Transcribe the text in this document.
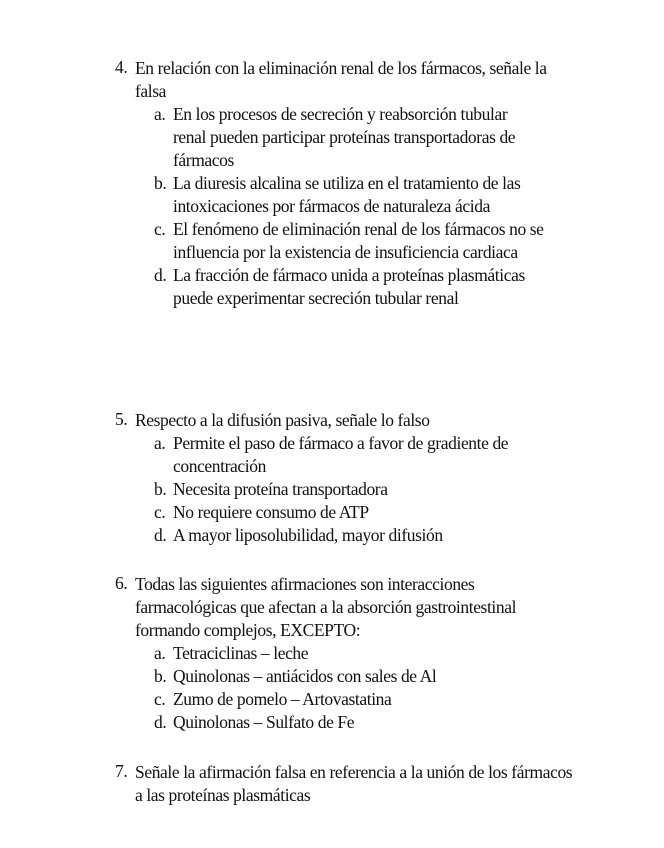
4. En relación con la eliminación renal de los fármacos, señale la falsa
a. En los procesos de secreción y reabsorción tubular renal pueden participar proteínas transportadoras de fármacos
b. La diuresis alcalina se utiliza en el tratamiento de las intoxicaciones por fármacos de naturaleza ácida
c. El fenómeno de eliminación renal de los fármacos no se influencia por la existencia de insuficiencia cardiaca
d. La fracción de fármaco unida a proteínas plasmáticas puede experimentar secreción tubular renal
5. Respecto a la difusión pasiva, señale lo falso
a. Permite el paso de fármaco a favor de gradiente de concentración
b. Necesita proteína transportadora
c. No requiere consumo de ATP
d. A mayor liposolubilidad, mayor difusión
6. Todas las siguientes afirmaciones son interacciones farmacológicas que afectan a la absorción gastrointestinal formando complejos, EXCEPTO:
a. Tetraciclinas – leche
b. Quinolonas – antiácidos con sales de Al
c. Zumo de pomelo – Artovastatina
d. Quinolonas – Sulfato de Fe
7. Señale la afirmación falsa en referencia a la unión de los fármacos a las proteínas plasmáticas
